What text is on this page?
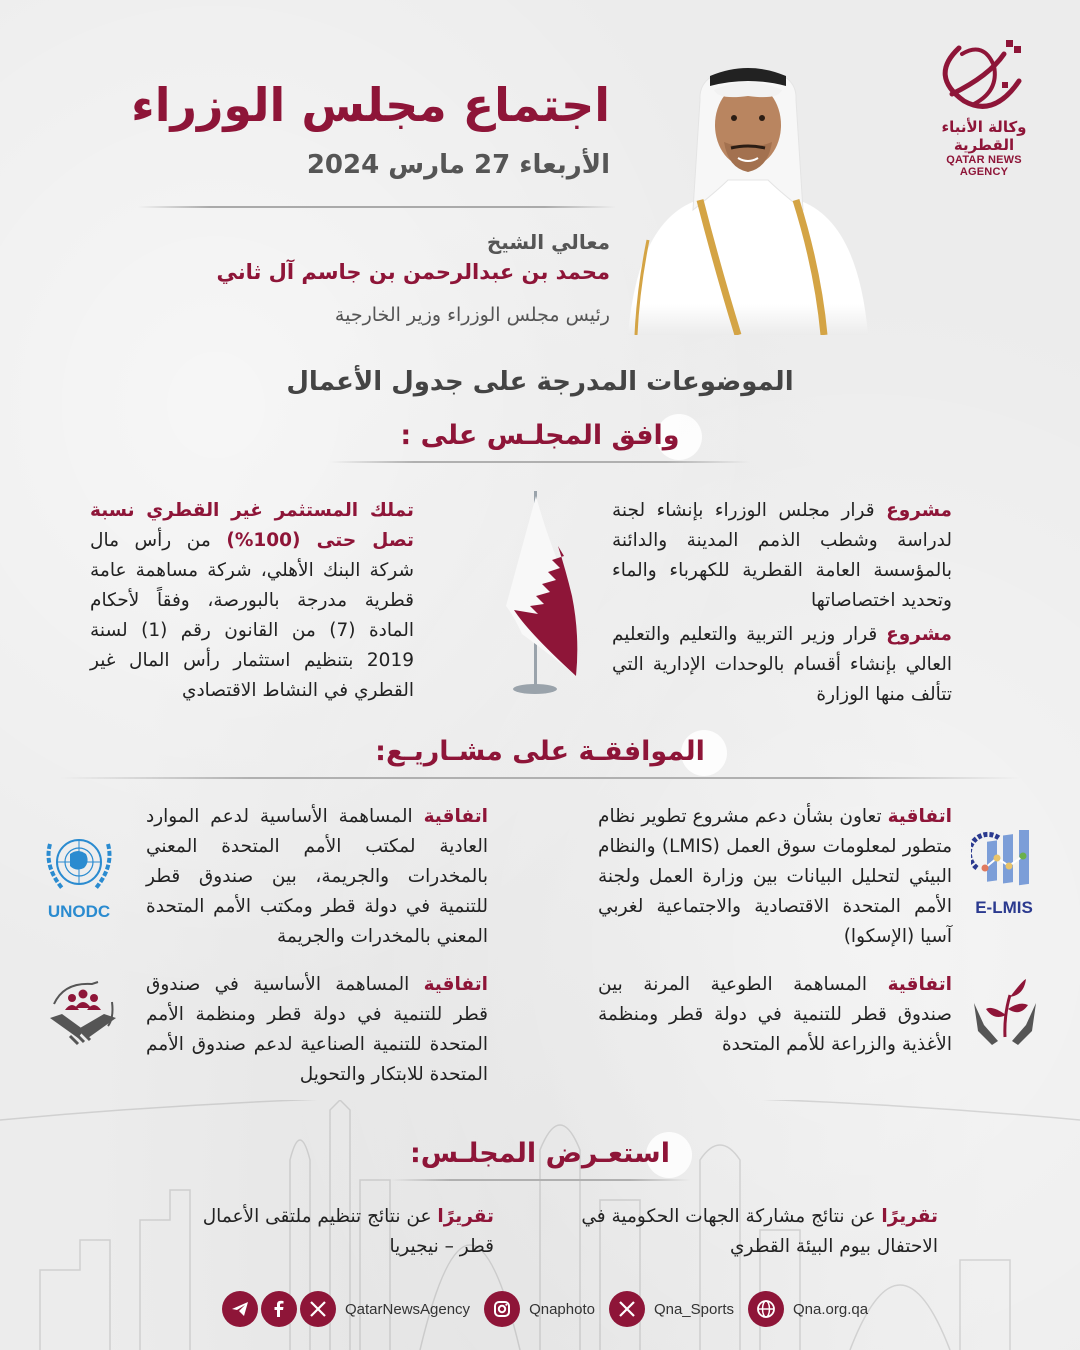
وكالة الأنباء القطرية
QATAR NEWS AGENCY
اجتماع مجلس الوزراء
الأربعاء 27 مارس 2024
معالي الشيخ
محمد بن عبدالرحمن بن جاسم آل ثاني
رئيس مجلس الوزراء وزير الخارجية
الموضوعات المدرجة على جدول الأعمال
وافق المجلـس على :
مشروع قرار مجلس الوزراء بإنشاء لجنة لدراسة وشطب الذمم المدينة والدائنة بالمؤسسة العامة القطرية للكهرباء والماء وتحديد اختصاصاتها
مشروع قرار وزير التربية والتعليم والتعليم العالي بإنشاء أقسام بالوحدات الإدارية التي تتألف منها الوزارة
تملك المستثمر غير القطري نسبة تصل حتى (100%) من رأس مال شركة البنك الأهلي، شركة مساهمة عامة قطرية مدرجة بالبورصة، وفقاً لأحكام المادة (7) من القانون رقم (1) لسنة 2019 بتنظيم استثمار رأس المال غير القطري في النشاط الاقتصادي
الموافقـة على مشـاريـع:
اتفاقية تعاون بشأن دعم مشروع تطوير نظام متطور لمعلومات سوق العمل (LMIS) والنظام البيئي لتحليل البيانات بين وزارة العمل ولجنة الأمم المتحدة الاقتصادية والاجتماعية لغربي آسيا (الإسكوا)
اتفاقية المساهمة الأساسية لدعم الموارد العادية لمكتب الأمم المتحدة المعني بالمخدرات والجريمة، بين صندوق قطر للتنمية في دولة قطر ومكتب الأمم المتحدة المعني بالمخدرات والجريمة
اتفاقية المساهمة الطوعية المرنة بين صندوق قطر للتنمية في دولة قطر ومنظمة الأغذية والزراعة للأمم المتحدة
اتفاقية المساهمة الأساسية في صندوق قطر للتنمية في دولة قطر ومنظمة الأمم المتحدة للتنمية الصناعية لدعم صندوق الأمم المتحدة للابتكار والتحويل
E-LMIS
UNODC
استعـرض المجلـس:
تقريرًا عن نتائج مشاركة الجهات الحكومية في الاحتفال بيوم البيئة القطري
تقريرًا عن نتائج تنظيم ملتقى الأعمال قطر – نيجيريا
QatarNewsAgency	Qnaphoto	Qna_Sports	Qna.org.qa
